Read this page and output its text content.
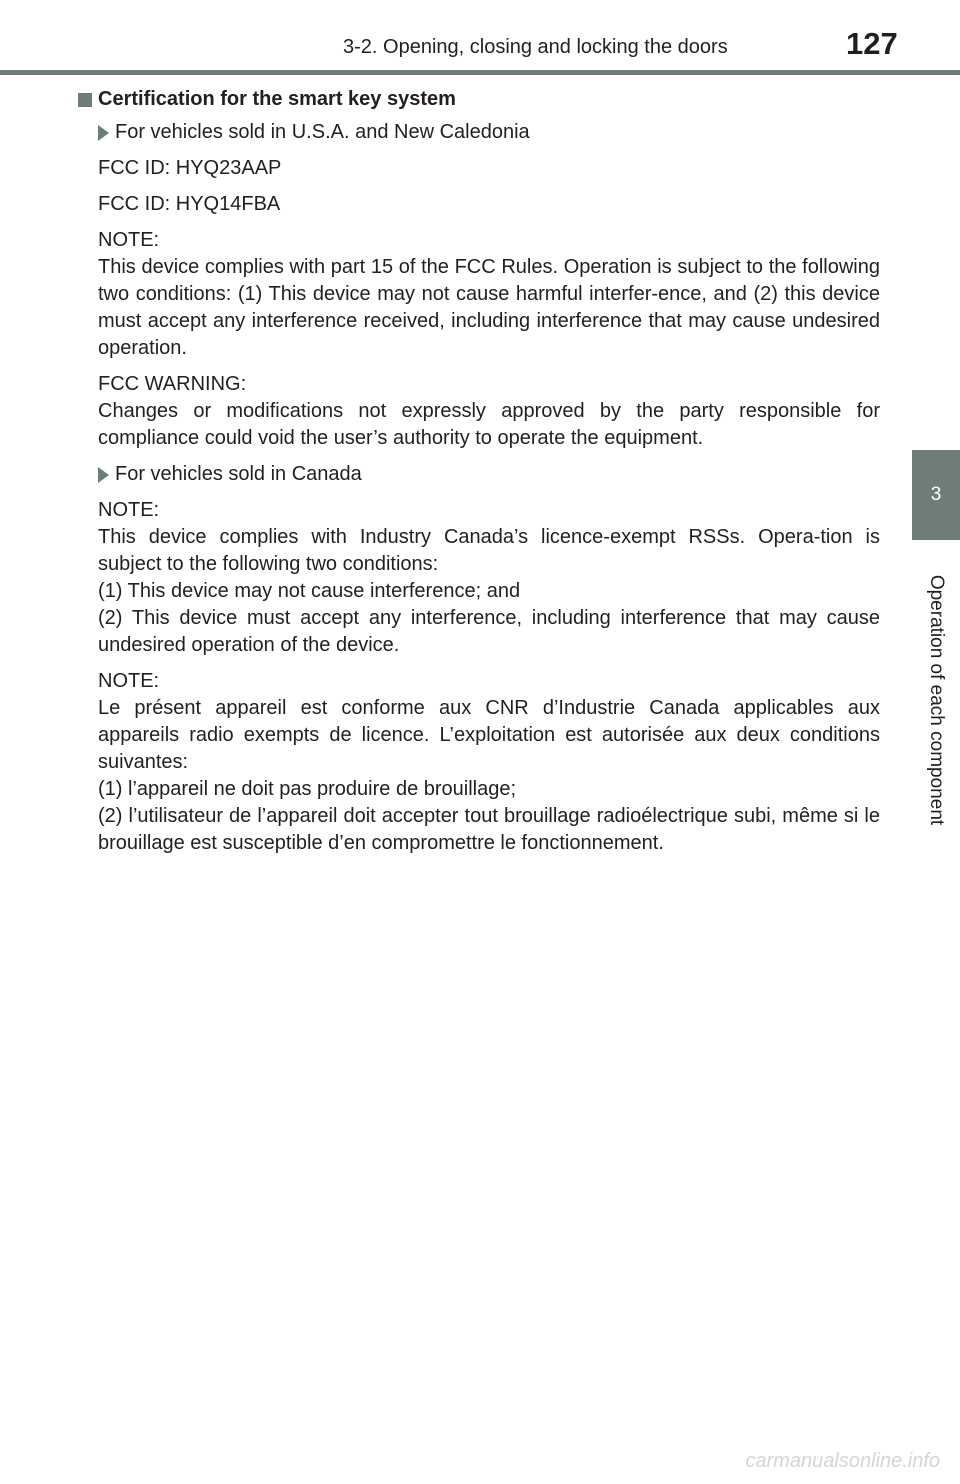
3-2. Opening, closing and locking the doors	127
3
Operation of each component
Certification for the smart key system
For vehicles sold in U.S.A. and New Caledonia
FCC ID: HYQ23AAP
FCC ID: HYQ14FBA
NOTE:
This device complies with part 15 of the FCC Rules. Operation is subject to the following two conditions: (1) This device may not cause harmful interfer-ence, and (2) this device must accept any interference received, including interference that may cause undesired operation.
FCC WARNING:
Changes or modifications not expressly approved by the party responsible for compliance could void the user’s authority to operate the equipment.
For vehicles sold in Canada
NOTE:
This device complies with Industry Canada’s licence-exempt RSSs. Opera-tion is subject to the following two conditions:
(1) This device may not cause interference; and
(2) This device must accept any interference, including interference that may cause undesired operation of the device.
NOTE:
Le présent appareil est conforme aux CNR d’Industrie Canada applicables aux appareils radio exempts de licence. L’exploitation est autorisée aux deux conditions suivantes:
(1) l’appareil ne doit pas produire de brouillage;
(2) l’utilisateur de l’appareil doit accepter tout brouillage radioélectrique subi, même si le brouillage est susceptible d’en compromettre le fonctionnement.
carmanualsonline.info
